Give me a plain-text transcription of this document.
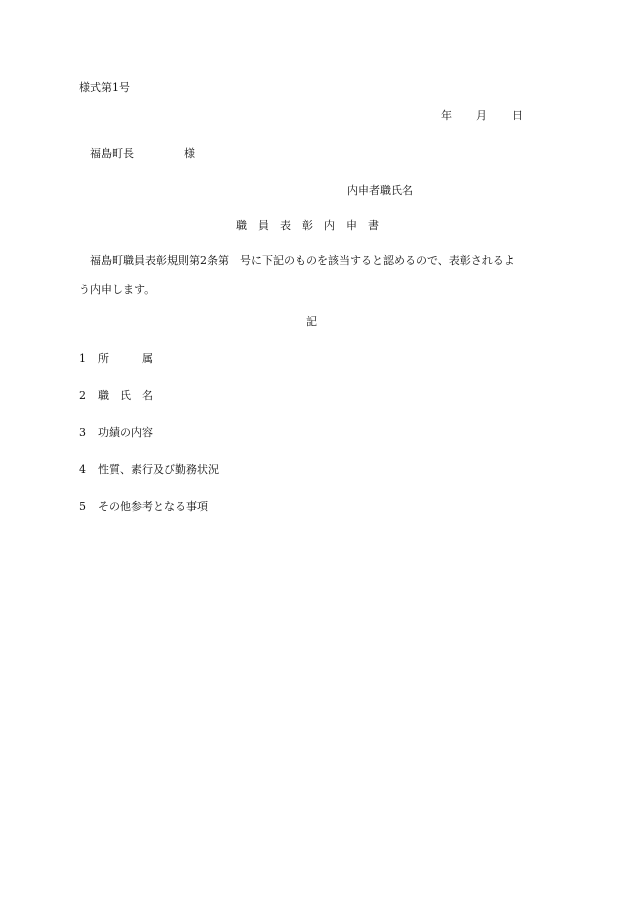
様式第1号
年 月 日
福島町長	様
内申者職氏名
職　員　表　彰　内　申　書
福島町職員表彰規則第2条第　号に下記のものを該当すると認めるので、表彰されるよ
う内申します。
記
1 所　　　属
2 職　氏　名
3 功績の内容
4 性質、素行及び勤務状況
5 その他参考となる事項
